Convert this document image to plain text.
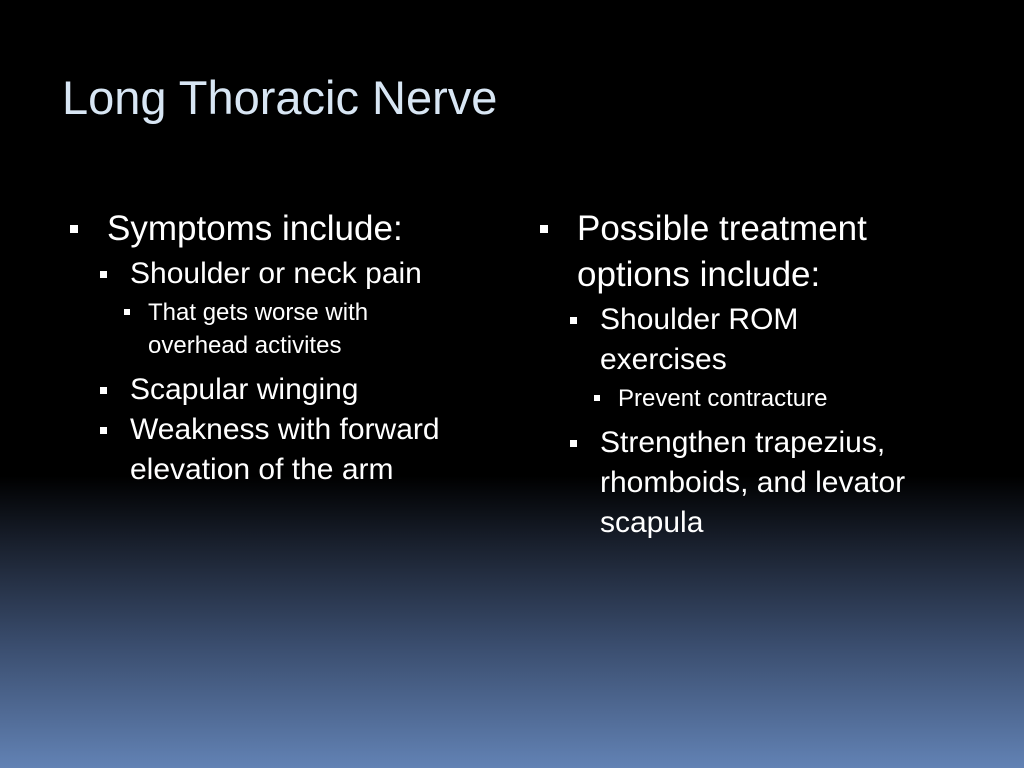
Long Thoracic Nerve
Symptoms include:
Shoulder or neck pain
That gets worse with overhead activites
Scapular winging
Weakness with forward elevation of the arm
Possible treatment options include:
Shoulder ROM exercises
Prevent contracture
Strengthen trapezius, rhomboids, and levator scapula
